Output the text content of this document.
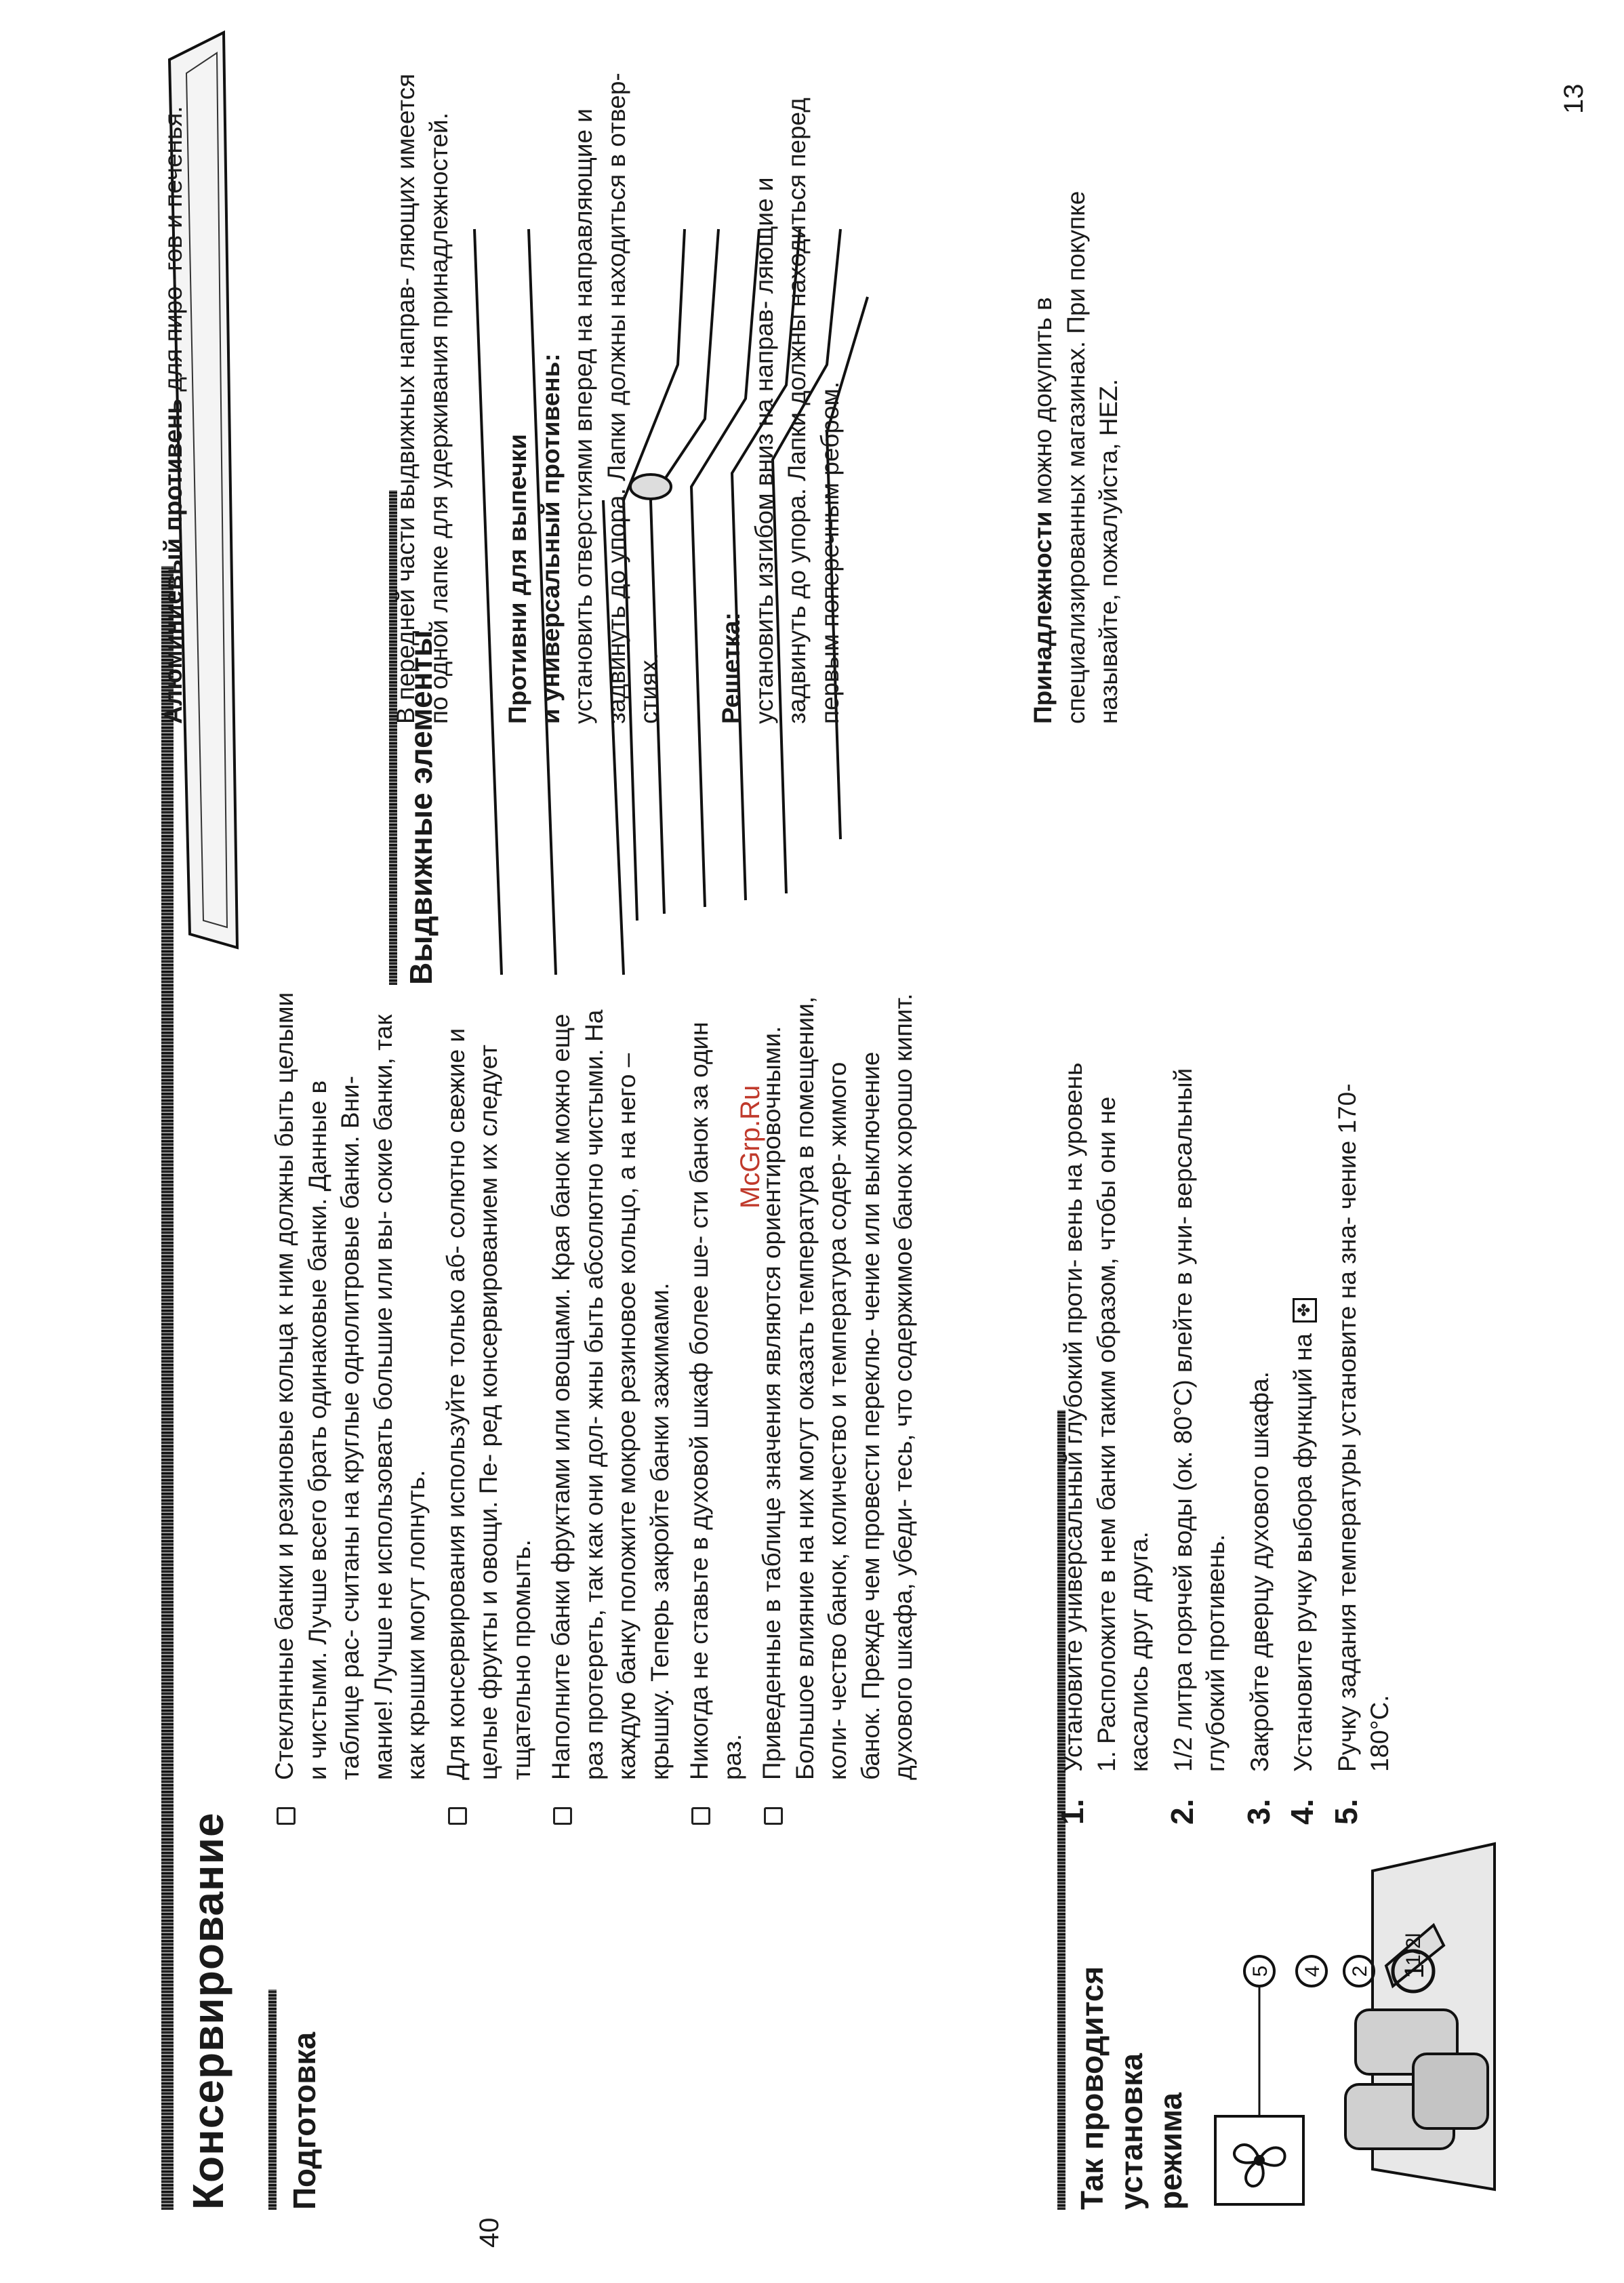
40
13
Консервирование Подготовка
Стеклянные банки и резиновые кольца к ним должны быть целыми и чистыми. Лучше всего брать одинаковые банки. Данные в таблице рас- считаны на круглые однолитровые банки. Вни- мание! Лучше не использовать большие или вы- сокие банки, так как крышки могут лопнуть. Для консервирования используйте только аб- солютно свежие и целые фрукты и овощи. Пе- ред консервированием их следует тщательно промыть. Наполните банки фруктами или овощами. Края банок можно еще раз протереть, так как они дол- жны быть абсолютно чистыми. На каждую банку положите мокрое резиновое кольцо, а на него – крышку. Теперь закройте банки зажимами. Никогда не ставьте в духовой шкаф более ше- сти банок за один раз. Приведенные в таблице значения являются ориентировочными. Большое влияние на них могут оказать температура в помещении, коли- чество банок, количество и температура содер- жимого банок. Прежде чем провести переклю- чение или выключение духового шкафа, убеди- тесь, что содержимое банок хорошо кипит.
Так проводится установка режима
1/2l
5 4 2 1
1.
Установите универсальный глубокий проти- вень на уровень 1. Расположите в нем банки таким образом, чтобы они не касались друг друга.
2.
1/2 литра горячей воды (ок. 80°C) влейте в уни- версальный глубокий противень.
3.
Закройте дверцу духового шкафа.
4.
Установите ручку выбора функций на ✤
5.
Ручку задания температуры установите на зна- чение 170-180°C.
McGrp.Ru
Выдвижные элементы
Алюминиевый противень для пиро- гов и печенья.	В передней части выдвижных направ- ляющих имеется по одной лапке для удерживания принадлежностей. Противни для выпечки и универсальный противень: установить отверстиями вперед на направляющие и задвинуть до упора. Лапки должны находиться в отвер- стиях. Решетка: установить изгибом вниз на направ- ляющие и задвинуть до упора. Лапки должны находиться перед первым поперечным ребром.	Принадлежности можно докупить в специализированных магазинах. При покупке называйте, пожалуйста, HEZ.
